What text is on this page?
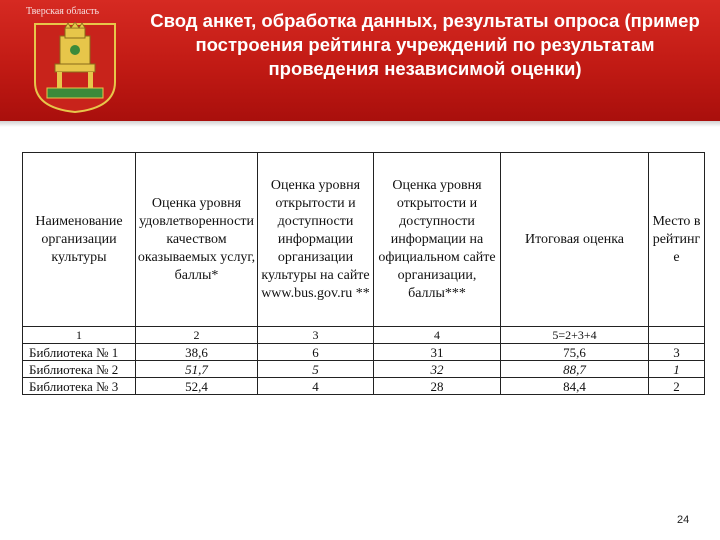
Тверская область	Свод анкет, обработка данных, результаты опроса (пример построения рейтинга учреждений по результатам проведения независимой оценки)
Наименование организации культуры	Оценка уровня удовлетворенности качеством оказываемых услуг, баллы*	Оценка уровня открытости и доступности информации организации культуры на сайте www.bus.gov.ru **	Оценка уровня открытости и доступности информации на официальном сайте организации, баллы***	Итоговая оценка	Место в рейтинг е
1	2	3	4	5=2+3+4	
Библиотека № 1	38,6	6	31	75,6	3
Библиотека № 2	51,7	5	32	88,7	1
Библиотека № 3	52,4	4	28	84,4	2
24
